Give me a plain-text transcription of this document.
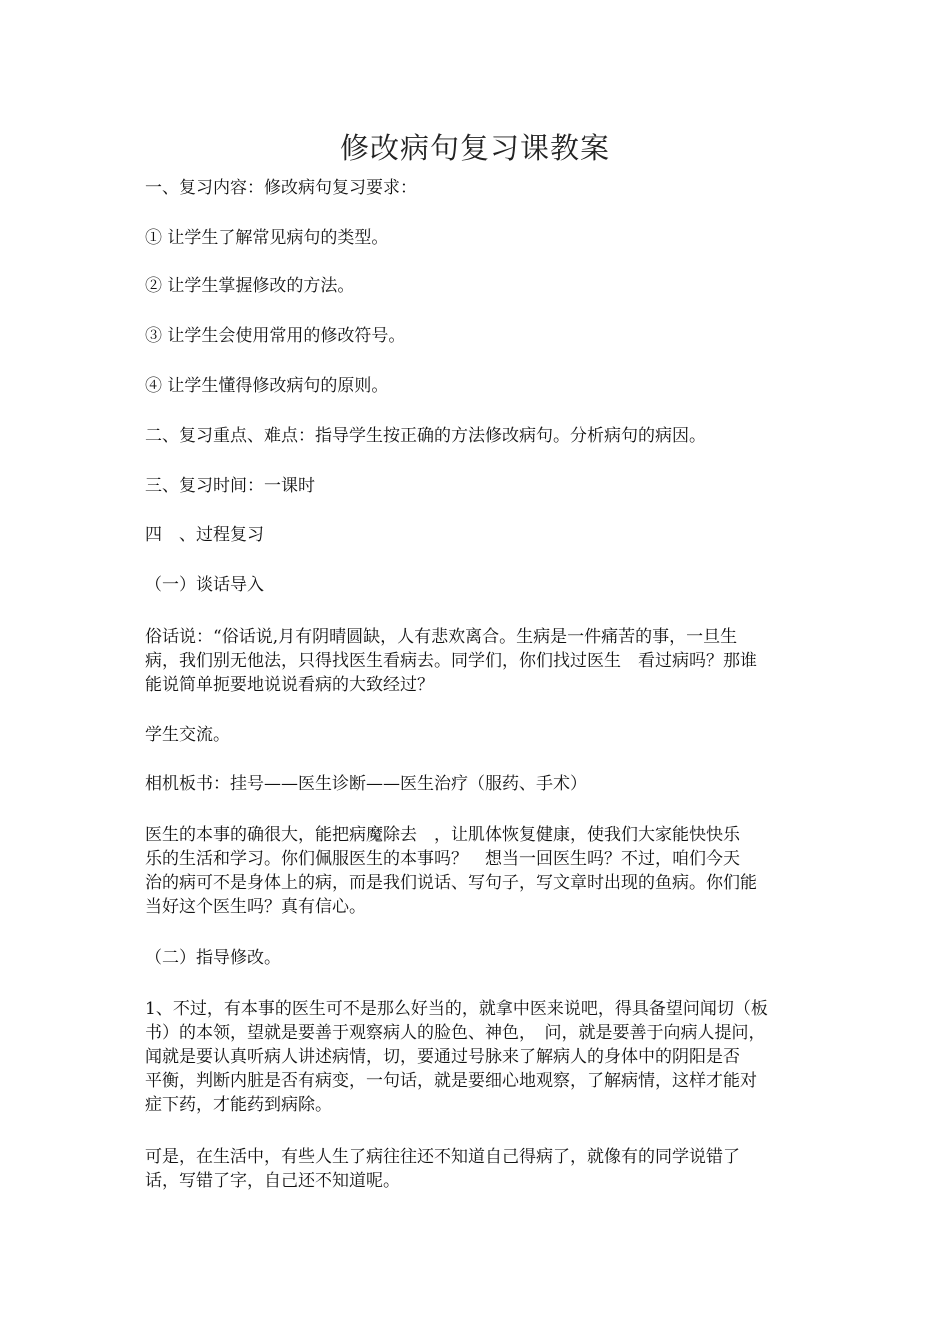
修改病句复习课教案
一、复习内容：修改病句复习要求：
① 让学生了解常见病句的类型。
② 让学生掌握修改的方法。
③ 让学生会使用常用的修改符号。
④ 让学生懂得修改病句的原则。
二、复习重点、难点：指导学生按正确的方法修改病句。分析病句的病因。
三、复习时间：一课时
四　、过程复习
（一）谈话导入
俗话说：“俗话说,月有阴晴圆缺，人有悲欢离合。生病是一件痛苦的事，一旦生
病，我们别无他法，只得找医生看病去。同学们，你们找过医生　看过病吗？那谁
能说简单扼要地说说看病的大致经过？
学生交流。
相机板书：挂号——医生诊断——医生治疗（服药、手术）
医生的本事的确很大，能把病魔除去　，让肌体恢复健康，使我们大家能快快乐
乐的生活和学习。你们佩服医生的本事吗？　想当一回医生吗？不过，咱们今天
治的病可不是身体上的病，而是我们说话、写句子，写文章时出现的鱼病。你们能
当好这个医生吗？真有信心。
（二）指导修改。
1、不过，有本事的医生可不是那么好当的，就拿中医来说吧，得具备望问闻切（板
书）的本领，望就是要善于观察病人的脸色、神色，　问，就是要善于向病人提问，
闻就是要认真听病人讲述病情，切，要通过号脉来了解病人的身体中的阴阳是否
平衡，判断内脏是否有病变，一句话，就是要细心地观察，了解病情，这样才能对
症下药，才能药到病除。
可是，在生活中，有些人生了病往往还不知道自己得病了，就像有的同学说错了
话，写错了字，自己还不知道呢。
